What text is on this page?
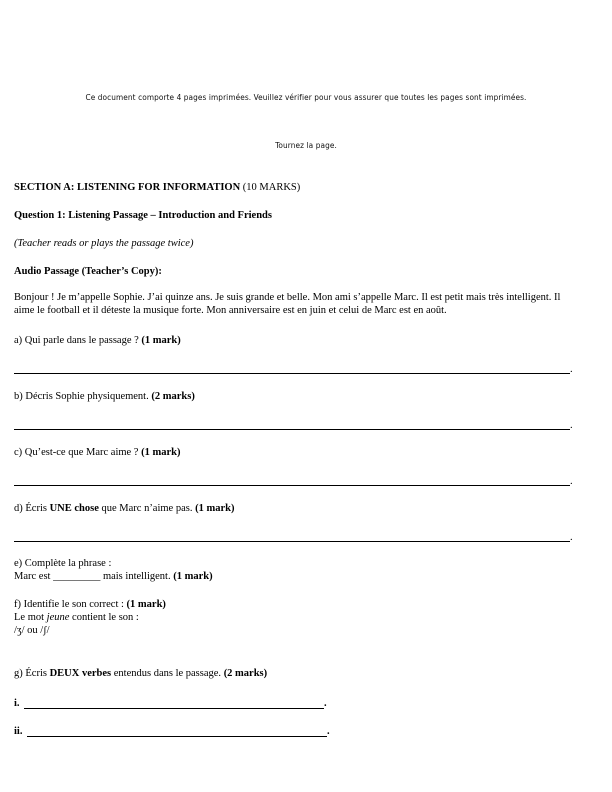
Ce document comporte 4 pages imprimées. Veuillez vérifier pour vous assurer que toutes les pages sont imprimées.
Tournez la page.
SECTION A: LISTENING FOR INFORMATION (10 MARKS)
Question 1: Listening Passage – Introduction and Friends
(Teacher reads or plays the passage twice)
Audio Passage (Teacher’s Copy):
Bonjour ! Je m’appelle Sophie. J’ai quinze ans. Je suis grande et belle. Mon ami s’appelle Marc. Il est petit mais très intelligent. Il aime le football et il déteste la musique forte. Mon anniversaire est en juin et celui de Marc est en août.
a) Qui parle dans le passage ? (1 mark)
.
b) Décris Sophie physiquement. (2 marks)
.
c) Qu’est-ce que Marc aime ? (1 mark)
.
d) Écris UNE chose que Marc n’aime pas. (1 mark)
.
e) Complète la phrase :
Marc est _________ mais intelligent. (1 mark)
f) Identifie le son correct : (1 mark)
Le mot jeune contient le son :
/ʒ/ ou /ʃ/
g) Écris DEUX verbes entendus dans le passage. (2 marks)
i.	.
ii.	.
